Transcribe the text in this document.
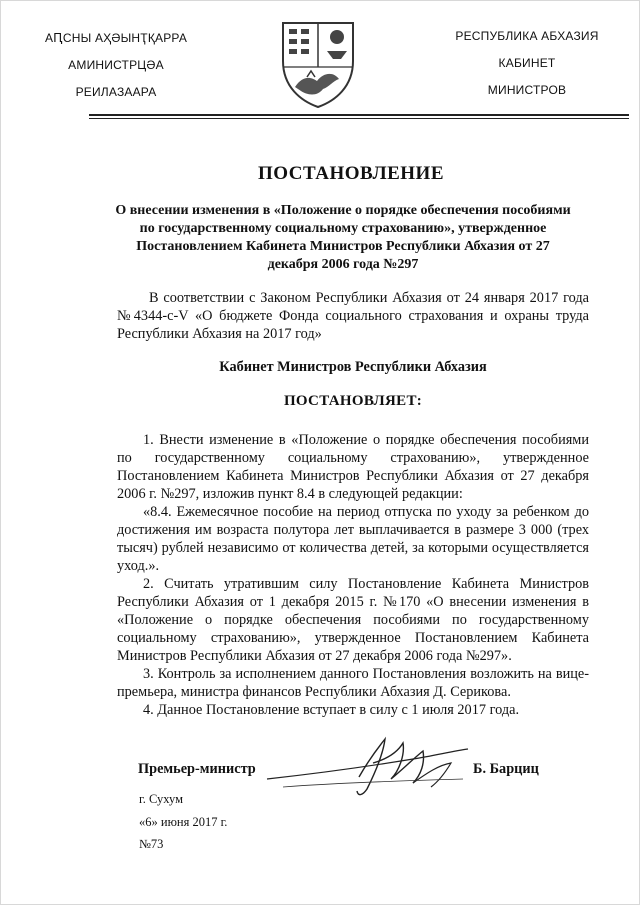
АԤСНЫ АҲӘЫНҬҚАРРА
АМИНИСТРЦӘА
РЕИЛАЗААРА
РЕСПУБЛИКА АБХАЗИЯ
КАБИНЕТ
МИНИСТРОВ
ПОСТАНОВЛЕНИЕ
О внесении изменения в «Положение о порядке обеспечения пособиями по государственному социальному страхованию», утвержденное Постановлением Кабинета Министров Республики Абхазия от 27 декабря 2006 года №297
В соответствии с Законом Республики Абхазия от 24 января 2017 года №4344-с-V «О бюджете Фонда социального страхования и охраны труда Республики Абхазия на 2017 год»
Кабинет Министров Республики Абхазия
ПОСТАНОВЛЯЕТ:

1. Внести изменение в «Положение о порядке обеспечения пособиями по государственному социальному страхованию», утвержденное Постановлением Кабинета Министров Республики Абхазия от 27 декабря 2006 г. №297, изложив пункт 8.4 в следующей редакции:

«8.4. Ежемесячное пособие на период отпуска по уходу за ребенком до достижения им возраста полутора лет выплачивается в размере 3 000 (трех тысяч) рублей независимо от количества детей, за которыми осуществляется уход.».

2. Считать утратившим силу Постановление Кабинета Министров Республики Абхазия от 1 декабря 2015 г. №170 «О внесении изменения в «Положение о порядке обеспечения пособиями по государственному социальному страхованию», утвержденное Постановлением Кабинета Министров Республики Абхазия от 27 декабря 2006 года №297».

3. Контроль за исполнением данного Постановления возложить на вице-премьера, министра финансов Республики Абхазия Д. Серикова.

4. Данное Постановление вступает в силу с 1 июля 2017 года.

Премьер-министр	Б. Барциц
г. Сухум
«6» июня 2017 г.
№73
